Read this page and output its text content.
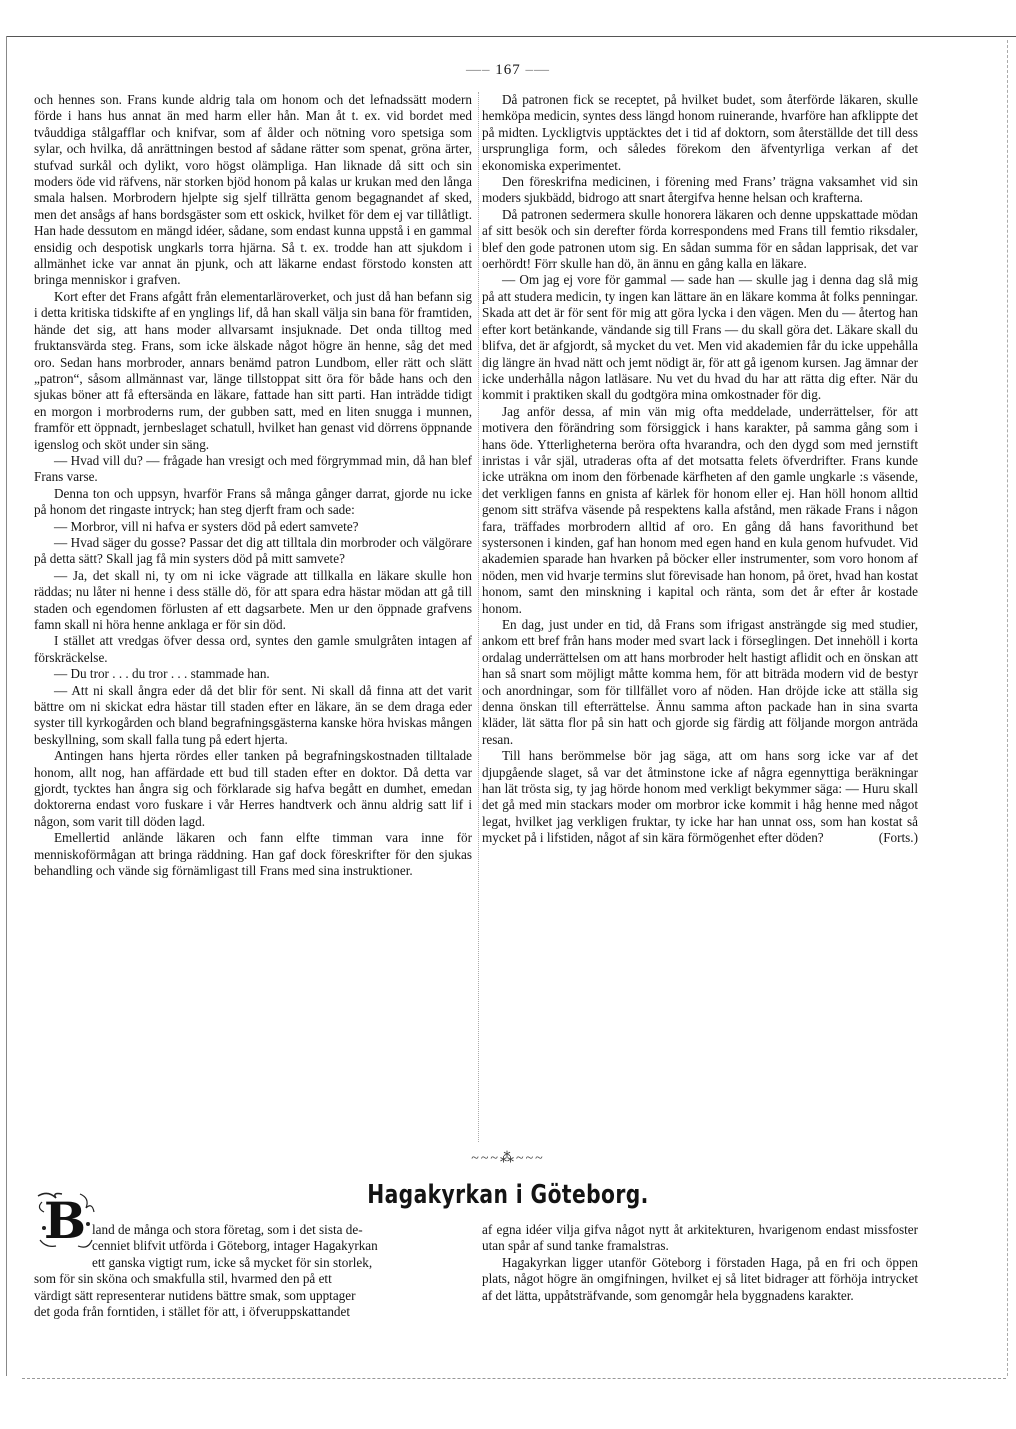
—– 167 –—

och hennes son. Frans kunde aldrig tala om honom och det lefnadssätt modern förde i hans hus annat än med harm eller hån. Man åt t. ex. vid bordet med tvåuddiga stålgafflar och knifvar, som af ålder och nötning voro spetsiga som sylar, och hvilka, då anrättningen bestod af sådane rätter som spenat, gröna ärter, stufvad surkål och dylikt, voro högst olämpliga. Han liknade då sitt och sin moders öde vid räfvens, när storken bjöd honom på kalas ur krukan med den långa smala halsen. Morbrodern hjelpte sig sjelf tillrätta genom begagnandet af sked, men det ansågs af hans bordsgäster som ett oskick, hvilket för dem ej var tillåtligt. Han hade dessutom en mängd idéer, sådane, som endast kunna uppstå i en gammal ensidig och despotisk ungkarls torra hjärna. Så t. ex. trodde han att sjukdom i allmänhet icke var annat än pjunk, och att läkarne endast förstodo konsten att bringa menniskor i grafven.

Kort efter det Frans afgått från elementarläroverket, och just då han befann sig i detta kritiska tidskifte af en ynglings lif, då han skall välja sin bana för framtiden, hände det sig, att hans moder allvarsamt insjuknade. Det onda tilltog med fruktansvärda steg. Frans, som icke älskade något högre än henne, såg det med oro. Sedan hans morbroder, annars benämd patron Lundbom, eller rätt och slätt „patron“, såsom allmännast var, länge tillstoppat sitt öra för både hans och den sjukas böner att få eftersända en läkare, fattade han sitt parti. Han inträdde tidigt en morgon i morbroderns rum, der gubben satt, med en liten snugga i munnen, framför ett öppnadt, jernbeslaget schatull, hvilket han genast vid dörrens öppnande igenslog och sköt under sin säng.

— Hvad vill du? — frågade han vresigt och med förgrymmad min, då han blef Frans varse.

Denna ton och uppsyn, hvarför Frans så många gånger darrat, gjorde nu icke på honom det ringaste intryck; han steg djerft fram och sade:

— Morbror, vill ni hafva er systers död på edert samvete?

— Hvad säger du gosse? Passar det dig att tilltala din morbroder och välgörare på detta sätt? Skall jag få min systers död på mitt samvete?

— Ja, det skall ni, ty om ni icke vägrade att tillkalla en läkare skulle hon räddas; nu låter ni henne i dess ställe dö, för att spara edra hästar mödan att gå till staden och egendomen förlusten af ett dagsarbete. Men ur den öppnade grafvens famn skall ni höra henne anklaga er för sin död.

I stället att vredgas öfver dessa ord, syntes den gamle smulgråten intagen af förskräckelse.

— Du tror . . . du tror . . . stammade han.

— Att ni skall ångra eder då det blir för sent. Ni skall då finna att det varit bättre om ni skickat edra hästar till staden efter en läkare, än se dem draga eder syster till kyrkogården och bland begrafningsgästerna kanske höra hviskas mången beskyllning, som skall falla tung på edert hjerta.

Antingen hans hjerta rördes eller tanken på begrafningskostnaden tilltalade honom, allt nog, han affärdade ett bud till staden efter en doktor. Då detta var gjordt, tycktes han ångra sig och förklarade sig hafva begått en dumhet, emedan doktorerna endast voro fuskare i vår Herres handtverk och ännu aldrig satt lif i någon, som varit till döden lagd.

Emellertid anlände läkaren och fann elfte timman vara inne för menniskoförmågan att bringa räddning. Han gaf dock föreskrifter för den sjukas behandling och vände sig förnämligast till Frans med sina instruktioner.

Då patronen fick se receptet, på hvilket budet, som återförde läkaren, skulle hemköpa medicin, syntes dess längd honom ruinerande, hvarföre han afklippte det på midten. Lyckligtvis upptäcktes det i tid af doktorn, som återställde det till dess ursprungliga form, och således förekom den äfventyrliga verkan af det ekonomiska experimentet.

Den föreskrifna medicinen, i förening med Frans’ trägna vaksamhet vid sin moders sjukbädd, bidrogo att snart återgifva henne helsan och krafterna.

Då patronen sedermera skulle honorera läkaren och denne uppskattade mödan af sitt besök och sin derefter förda korrespondens med Frans till femtio riksdaler, blef den gode patronen utom sig. En sådan summa för en sådan lapprisak, det var oerhördt! Förr skulle han dö, än ännu en gång kalla en läkare.

— Om jag ej vore för gammal — sade han — skulle jag i denna dag slå mig på att studera medicin, ty ingen kan lättare än en läkare komma åt folks penningar. Skada att det är för sent för mig att göra lycka i den vägen. Men du — återtog han efter kort betänkande, vändande sig till Frans — du skall göra det. Läkare skall du blifva, det är afgjordt, så mycket du vet. Men vid akademien får du icke uppehålla dig längre än hvad nätt och jemt nödigt är, för att gå igenom kursen. Jag ämnar der icke underhålla någon latläsare. Nu vet du hvad du har att rätta dig efter. När du kommit i praktiken skall du godtgöra mina omkostnader för dig.

Jag anför dessa, af min vän mig ofta meddelade, underrättelser, för att motivera den förändring som försiggick i hans karakter, på samma gång som i hans öde. Ytterligheterna beröra ofta hvarandra, och den dygd som med jernstift inristas i vår själ, utraderas ofta af det motsatta felets öfverdrifter. Frans kunde icke uträkna om inom den förbenade kärfheten af den gamle ungkarle :s väsende, det verkligen fanns en gnista af kärlek för honom eller ej. Han höll honom alltid genom sitt sträfva väsende på respektens kalla afstånd, men räkade Frans i någon fara, träffades morbrodern alltid af oro. En gång då hans favorithund bet systersonen i kinden, gaf han honom med egen hand en kula genom hufvudet. Vid akademien sparade han hvarken på böcker eller instrumenter, som voro honom af nöden, men vid hvarje termins slut förevisade han honom, på öret, hvad han kostat honom, samt den minskning i kapital och ränta, som det år efter år kostade honom.

En dag, just under en tid, då Frans som ifrigast ansträngde sig med studier, ankom ett bref från hans moder med svart lack i förseglingen. Det innehöll i korta ordalag underrättelsen om att hans morbroder helt hastigt aflidit och en önskan att han så snart som möjligt måtte komma hem, för att biträda modern vid de bestyr och anordningar, som för tillfället voro af nöden. Han dröjde icke att ställa sig denna önskan till efterrättelse. Ännu samma afton packade han in sina svarta kläder, lät sätta flor på sin hatt och gjorde sig färdig att följande morgon anträda resan.

Till hans berömmelse bör jag säga, att om hans sorg icke var af det djupgående slaget, så var det åtminstone icke af några egennyttiga beräkningar han lät trösta sig, ty jag hörde honom med verkligt bekymmer säga: — Huru skall det gå med min stackars moder om morbror icke kommit i håg henne med något legat, hvilket jag verkligen fruktar, ty icke har han unnat oss, som han kostat så mycket på i lifstiden, något af sin kära förmögenhet efter döden?	(Forts.)

~~~⁂~~~
Hagakyrkan i Göteborg.
B land de många och stora företag, som i det sista de-
cenniet blifvit utförda i Göteborg, intager Hagakyrkan
ett ganska vigtigt rum, icke så mycket för sin storlek,
som för sin sköna och smakfulla stil, hvarmed den på ett
värdigt sätt representerar nutidens bättre smak, som upptager
det goda från forntiden, i stället för att, i öfveruppskattandet

af egna idéer vilja gifva något nytt åt arkitekturen, hvarigenom endast missfoster utan spår af sund tanke framalstras.

Hagakyrkan ligger utanför Göteborg i förstaden Haga, på en fri och öppen plats, något högre än omgifningen, hvilket ej så litet bidrager att förhöja intrycket af det lätta, uppåtsträfvande, som genomgår hela byggnadens karakter.
